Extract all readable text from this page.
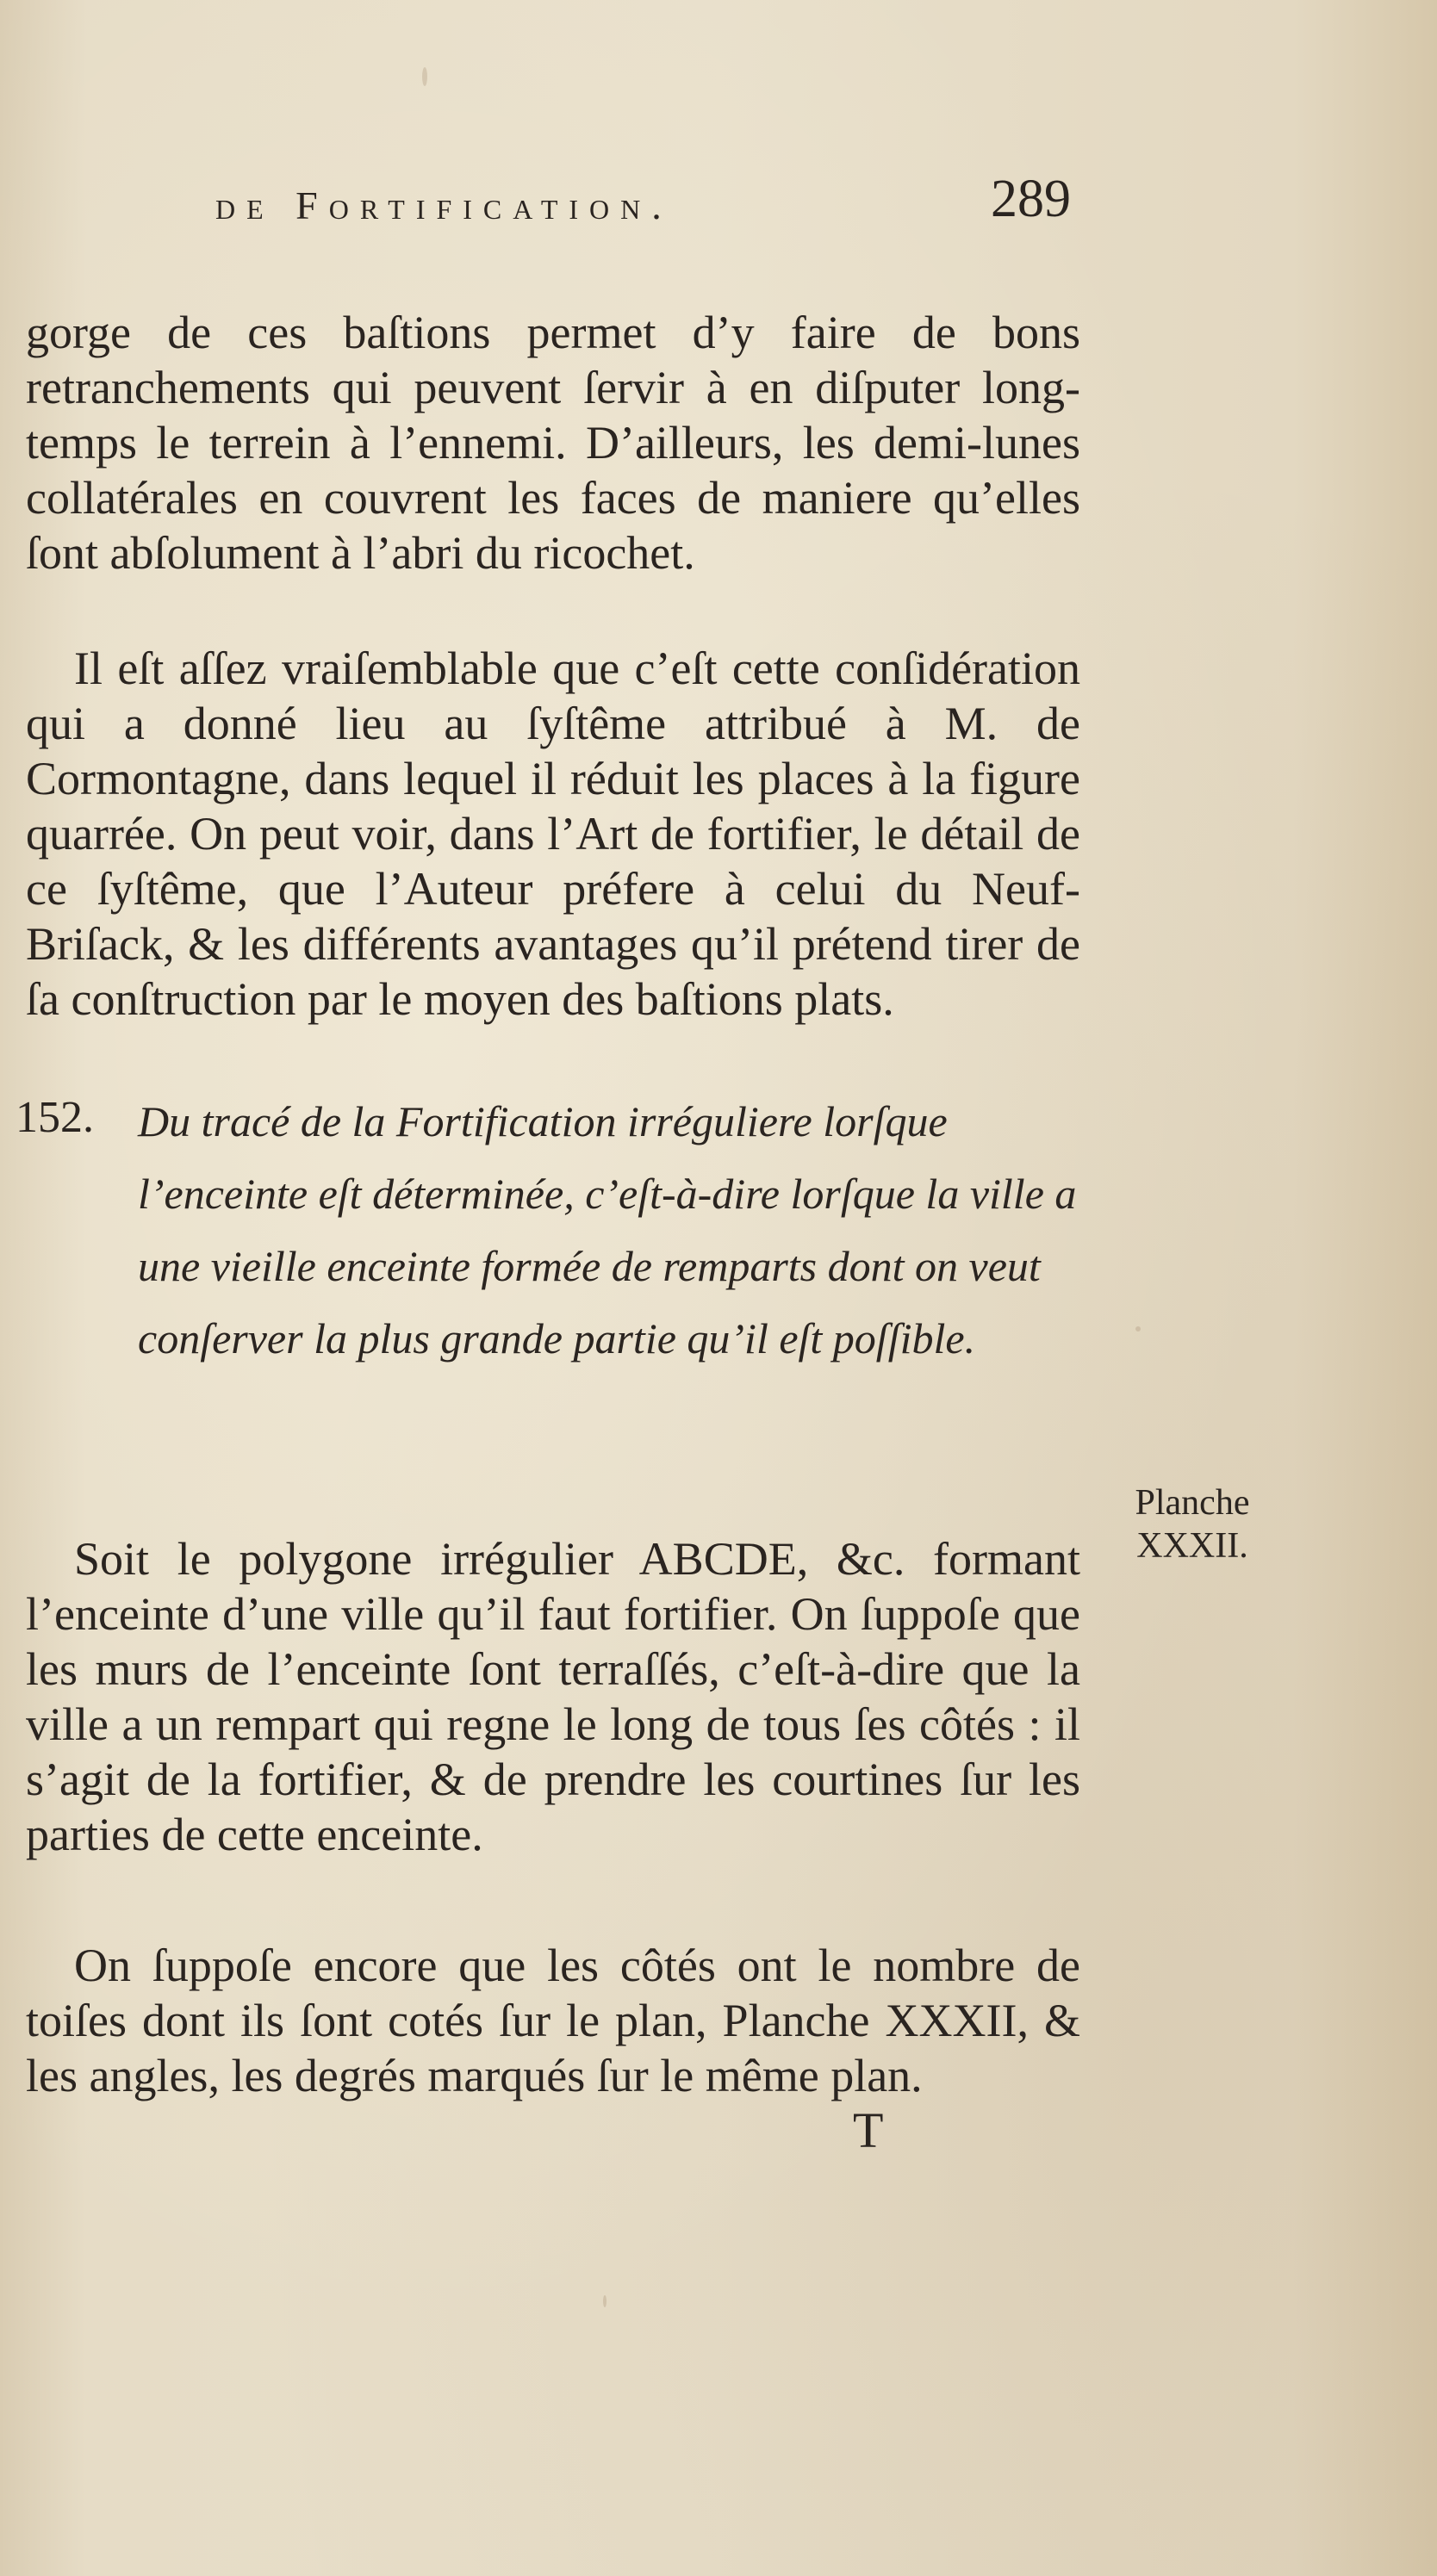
de Fortification.	289

gorge de ces baſtions permet d’y faire de bons retranchements qui peuvent ſervir à en diſputer long-temps le terrein à l’ennemi. D’ailleurs, les demi-lunes collatérales en couvrent les faces de maniere qu’elles ſont abſolument à l’abri du ricochet.

Il eſt aſſez vraiſemblable que c’eſt cette conſidération qui a donné lieu au ſyſtême attribué à M. de Cormontagne, dans lequel il réduit les places à la figure quarrée. On peut voir, dans l’Art de fortifier, le détail de ce ſyſtême, que l’Auteur préfere à celui du Neuf-Briſack, & les différents avantages qu’il prétend tirer de ſa conſtruction par le moyen des baſtions plats.

152. Du tracé de la Fortification irréguliere lorſque l’enceinte eſt déterminée, c’eſt-à-dire lorſque la ville a une vieille enceinte formée de remparts dont on veut conſerver la plus grande partie qu’il eſt poſſible.

Soit le polygone irrégulier ABCDE, &c. formant l’enceinte d’une ville qu’il faut fortifier. On ſuppoſe que les murs de l’enceinte ſont terraſſés, c’eſt-à-dire que la ville a un rempart qui regne le long de tous ſes côtés : il s’agit de la fortifier, & de prendre les courtines ſur les parties de cette enceinte.

Planche
XXXII.

On ſuppoſe encore que les côtés ont le nombre de toiſes dont ils ſont cotés ſur le plan, Planche XXXII, & les angles, les degrés marqués ſur le même plan.

T
